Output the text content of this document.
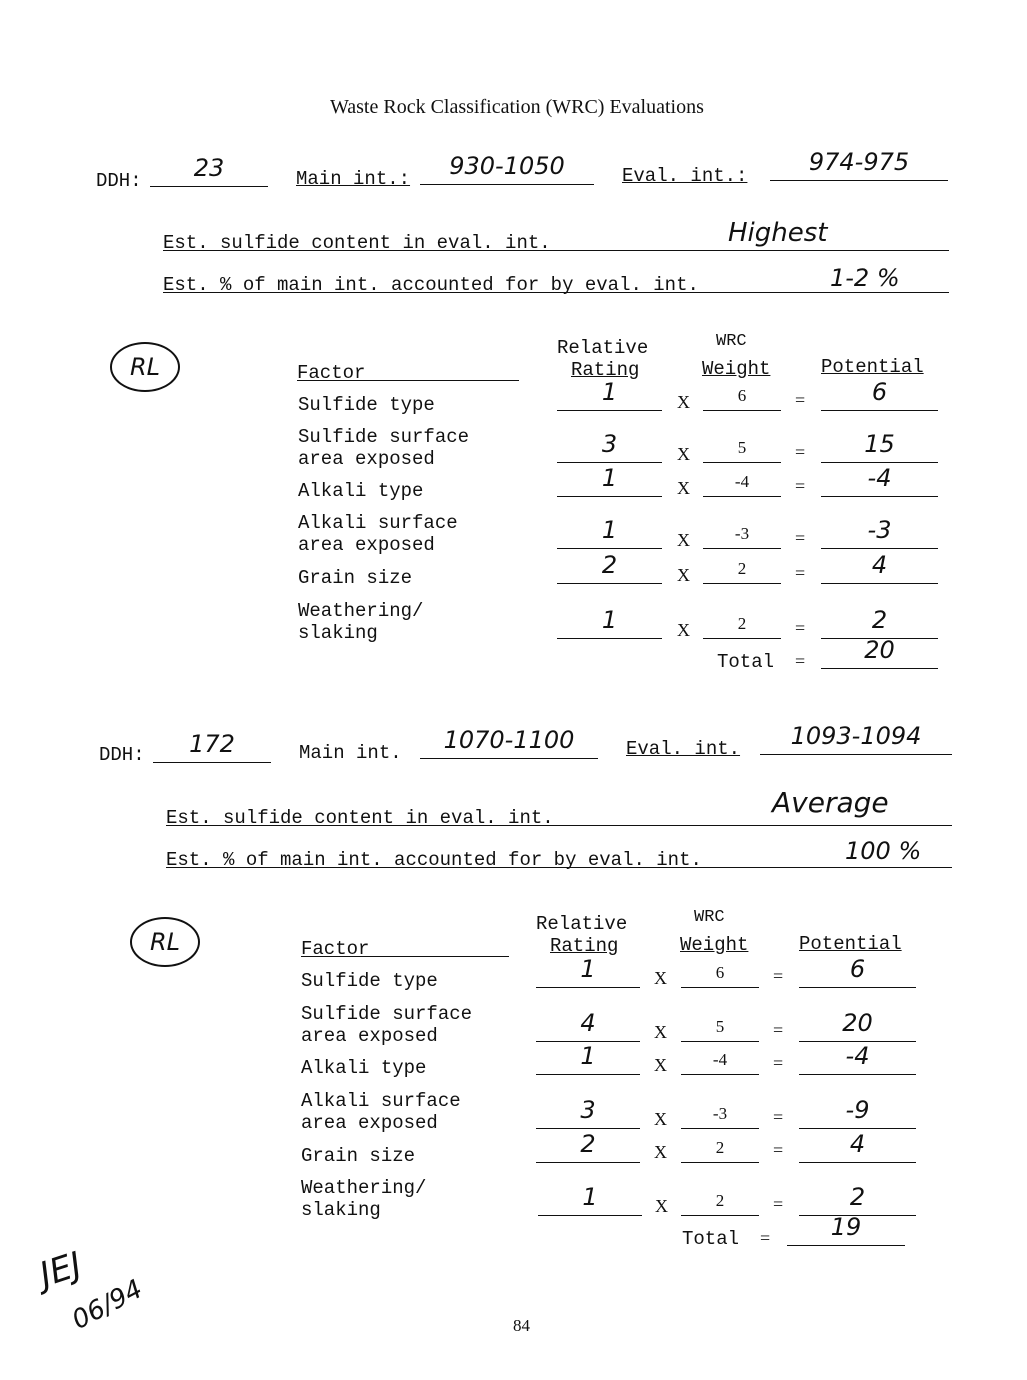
Waste Rock Classification (WRC) Evaluations
DDH:	23	Main int.:	930-1050	Eval. int.:	974-975
Est. sulfide content in eval. int.	Highest
Est. % of main int. accounted for by eval. int.	1-2 %
RL
Relative
Rating
WRC
Weight	Potential
Factor
Sulfide type	1	X	6	=	6
Sulfide surface
area exposed
3	X	5	=	15
Alkali type	1	X	-4	=	-4
Alkali surface
area exposed
1	X	-3	=	-3
Grain size	2	X	2	=	4
Weathering/
slaking	1	X	2	=	2
Total =	20
DDH:	172	Main int.	1070-1100	Eval. int.	1093-1094
Est. sulfide content in eval. int.	Average
Est. % of main int. accounted for by eval. int.	100 %
RL
Relative
Rating
WRC
Weight	Potential
Factor
Sulfide type	1	X	6	=	6
Sulfide surface
area exposed	4	X	5	=	20
Alkali type	1	X	-4	=	-4
Alkali surface
area exposed	3	X	-3	=	-9
Grain size	2	X	2	=	4
Weathering/
slaking	1	X	2	=	2
Total =	19
JEJ
06/94	84
